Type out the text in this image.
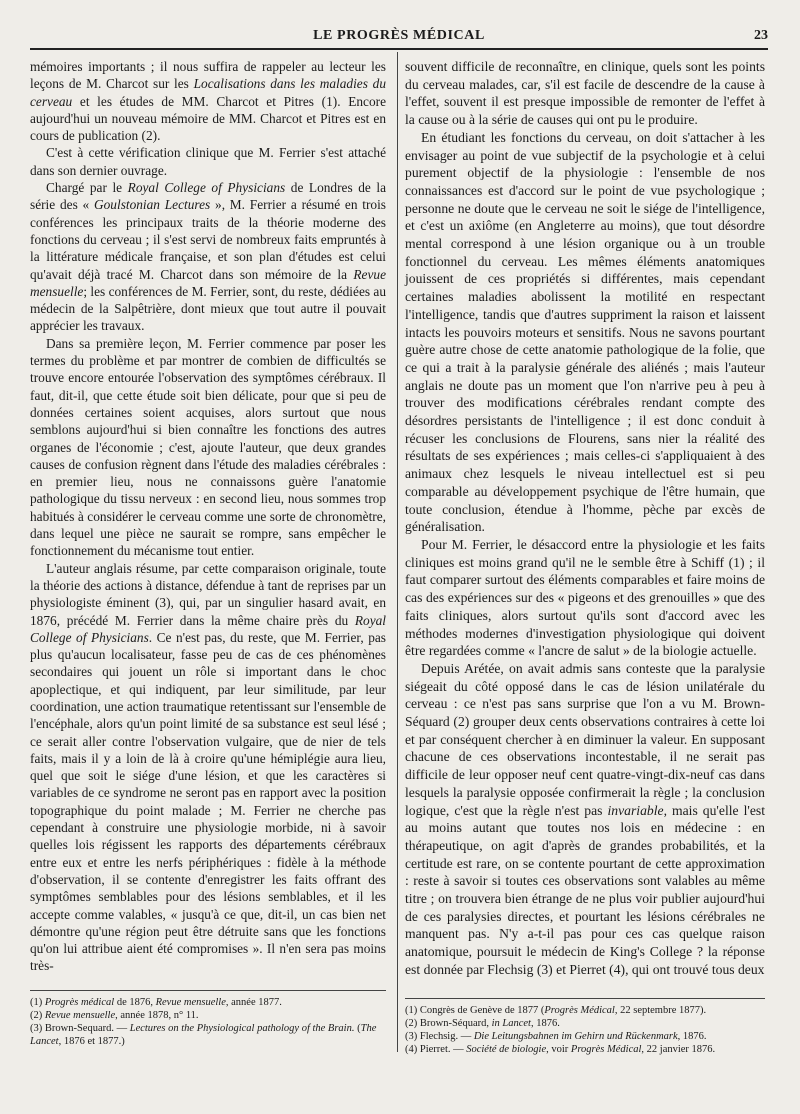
LE PROGRÈS MÉDICAL	23

mémoires importants ; il nous suffira de rappeler au lecteur les leçons de M. Charcot sur les Localisations dans les maladies du cerveau et les études de MM. Charcot et Pitres (1). Encore aujourd'hui un nouveau mémoire de MM. Charcot et Pitres est en cours de publication (2).

C'est à cette vérification clinique que M. Ferrier s'est attaché dans son dernier ouvrage.

Chargé par le Royal College of Physicians de Londres de la série des « Goulstonian Lectures », M. Ferrier a résumé en trois conférences les principaux traits de la théorie moderne des fonctions du cerveau ; il s'est servi de nombreux faits empruntés à la littérature médicale française, et son plan d'études est celui qu'avait déjà tracé M. Charcot dans son mémoire de la Revue mensuelle; les conférences de M. Ferrier, sont, du reste, dédiées au médecin de la Salpêtrière, dont mieux que tout autre il pouvait apprécier les travaux.

Dans sa première leçon, M. Ferrier commence par poser les termes du problème et par montrer de combien de difficultés se trouve encore entourée l'observation des symptômes cérébraux. Il faut, dit-il, que cette étude soit bien délicate, pour que si peu de données certaines soient acquises, alors surtout que nous semblons aujourd'hui si bien connaître les fonctions des autres organes de l'économie ; c'est, ajoute l'auteur, que deux grandes causes de confusion règnent dans l'étude des maladies cérébrales : en premier lieu, nous ne connaissons guère l'anatomie pathologique du tissu nerveux : en second lieu, nous sommes trop habitués à considérer le cerveau comme une sorte de chronomètre, dans lequel une pièce ne saurait se rompre, sans empêcher le fonctionnement du mécanisme tout entier.

L'auteur anglais résume, par cette comparaison originale, toute la théorie des actions à distance, défendue à tant de reprises par un physiologiste éminent (3), qui, par un singulier hasard avait, en 1876, précédé M. Ferrier dans la même chaire près du Royal College of Physicians. Ce n'est pas, du reste, que M. Ferrier, pas plus qu'aucun localisateur, fasse peu de cas de ces phénomènes secondaires qui jouent un rôle si important dans le choc apoplectique, et qui indiquent, par leur similitude, par leur coordination, une action traumatique retentissant sur l'ensemble de l'encéphale, alors qu'un point limité de sa substance est seul lésé ; ce serait aller contre l'observation vulgaire, que de nier de tels faits, mais il y a loin de là à croire qu'une hémiplégie aura lieu, quel que soit le siége d'une lésion, et que les caractères si variables de ce syndrome ne seront pas en rapport avec la position topographique du point malade ; M. Ferrier ne cherche pas cependant à construire une physiologie morbide, ni à savoir quelles lois régissent les rapports des départements cérébraux entre eux et entre les nerfs périphériques : fidèle à la méthode d'observation, il se contente d'enregistrer les faits offrant des symptômes semblables pour des lésions semblables, et il les accepte comme valables, « jusqu'à ce que, dit-il, un cas bien net démontre qu'une région peut être détruite sans que les fonctions qu'on lui attribue aient été compromises ». Il n'en sera pas moins très-

souvent difficile de reconnaître, en clinique, quels sont les points du cerveau malades, car, s'il est facile de descendre de la cause à l'effet, souvent il est presque impossible de remonter de l'effet à la cause ou à la série de causes qui ont pu le produire.

En étudiant les fonctions du cerveau, on doit s'attacher à les envisager au point de vue subjectif de la psychologie et à celui purement objectif de la physiologie : l'ensemble de nos connaissances est d'accord sur le point de vue psychologique ; personne ne doute que le cerveau ne soit le siége de l'intelligence, et c'est un axiôme (en Angleterre au moins), que tout désordre mental correspond à une lésion organique ou à un trouble fonctionnel du cerveau. Les mêmes éléments anatomiques jouissent de ces propriétés si différentes, mais cependant certaines maladies abolissent la motilité en respectant l'intelligence, tandis que d'autres suppriment la raison et laissent intacts les pouvoirs moteurs et sensitifs. Nous ne savons pourtant guère autre chose de cette anatomie pathologique de la folie, que ce qui a trait à la paralysie générale des aliénés ; mais l'auteur anglais ne doute pas un moment que l'on n'arrive peu à peu à trouver des modifications cérébrales rendant compte des désordres persistants de l'intelligence ; il est donc conduit à récuser les conclusions de Flourens, sans nier la réalité des résultats de ses expériences ; mais celles-ci s'appliquaient à des animaux chez lesquels le niveau intellectuel est si peu comparable au développement psychique de l'être humain, que toute conclusion, étendue à l'homme, pèche par excès de généralisation.

Pour M. Ferrier, le désaccord entre la physiologie et les faits cliniques est moins grand qu'il ne le semble être à Schiff (1) ; il faut comparer surtout des éléments comparables et faire moins de cas des expériences sur des « pigeons et des grenouilles » que des faits cliniques, alors surtout qu'ils sont d'accord avec les méthodes modernes d'investigation physiologique qui doivent être regardées comme « l'ancre de salut » de la biologie actuelle.

Depuis Arétée, on avait admis sans conteste que la paralysie siégeait du côté opposé dans le cas de lésion unilatérale du cerveau : ce n'est pas sans surprise que l'on a vu M. Brown-Séquard (2) grouper deux cents observations contraires à cette loi et par conséquent chercher à en diminuer la valeur. En supposant chacune de ces observations incontestable, il ne serait pas difficile de leur opposer neuf cent quatre-vingt-dix-neuf cas dans lesquels la paralysie opposée confirmerait la règle ; la conclusion logique, c'est que la règle n'est pas invariable, mais qu'elle l'est au moins autant que toutes nos lois en médecine : en thérapeutique, on agit d'après de grandes probabilités, et la certitude est rare, on se contente pourtant de cette approximation : reste à savoir si toutes ces observations sont valables au même titre ; on trouvera bien étrange de ne plus voir publier aujourd'hui de ces paralysies directes, et pourtant les lésions cérébrales ne manquent pas. N'y a-t-il pas pour ces cas quelque raison anatomique, poursuit le médecin de King's College ? la réponse est donnée par Flechsig (3) et Pierret (4), qui ont trouvé tous deux

(1) Progrès médical de 1876, Revue mensuelle, année 1877.

(2) Revue mensuelle, année 1878, n° 11.

(3) Brown-Sequard. — Lectures on the Physiological pathology of the Brain. (The Lancet, 1876 et 1877.)

(1) Congrès de Genève de 1877 (Progrès Médical, 22 septembre 1877).

(2) Brown-Séquard, in Lancet, 1876.

(3) Flechsig. — Die Leitungsbahnen im Gehirn und Rückenmark, 1876.

(4) Pierret. — Société de biologie, voir Progrès Médical, 22 janvier 1876.
